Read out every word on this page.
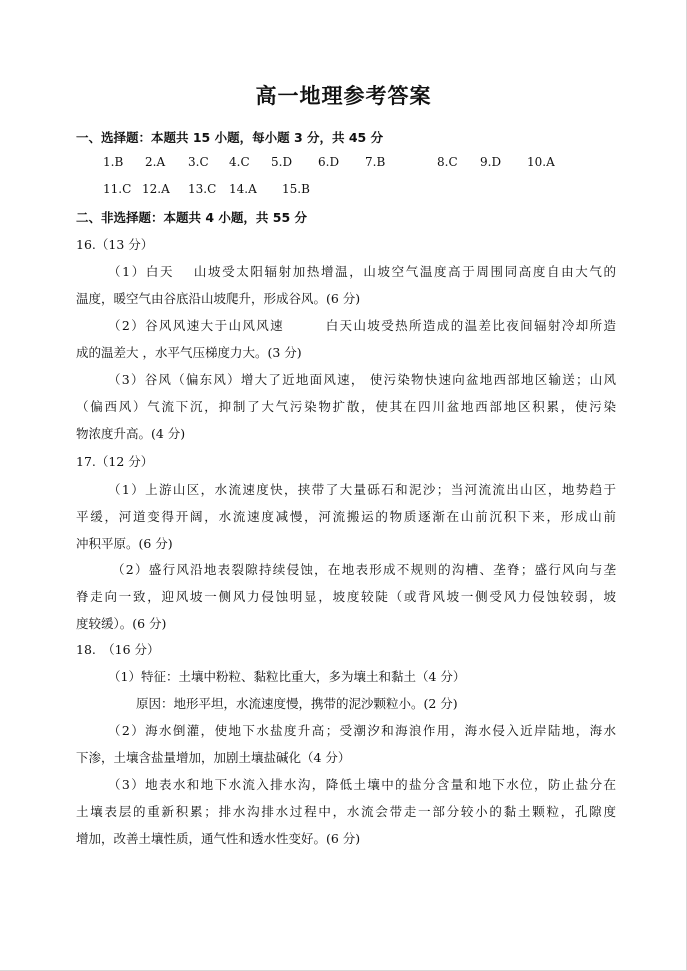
高一地理参考答案
一、选择题：本题共 15 小题，每小题 3 分，共 45 分
1.B 2.A 3.C 4.C 5.D 6.D 7.B	8.C 9.D 10.A
11.C 12.A 13.C 14.A 15.B
二、非选择题：本题共 4 小题，共 55 分
16.（13 分）
（1）白天　 山坡受太阳辐射加热增温，山坡空气温度高于周围同高度自由大气的
温度，暖空气由谷底沿山坡爬升，形成谷风。(6 分)
（2）谷风风速大于山风风速　　　白天山坡受热所造成的温差比夜间辐射冷却所造
成的温差大 ，水平气压梯度力大。(3 分)
（3）谷风（偏东风）增大了近地面风速， 使污染物快速向盆地西部地区输送；山风
（偏西风）气流下沉，抑制了大气污染物扩散，使其在四川盆地西部地区积累，使污染
物浓度升高。(4 分)
17.（12 分）
（1）上游山区，水流速度快，挟带了大量砾石和泥沙；当河流流出山区，地势趋于
平缓，河道变得开阔，水流速度减慢，河流搬运的物质逐渐在山前沉积下来，形成山前
冲积平原。(6 分)
（2）盛行风沿地表裂隙持续侵蚀，在地表形成不规则的沟槽、垄脊；盛行风向与垄
脊走向一致，迎风坡一侧风力侵蚀明显，坡度较陡（或背风坡一侧受风力侵蚀较弱，坡
度较缓）。(6 分)
18.　（16 分）
（1）特征：土壤中粉粒、黏粒比重大，多为壤土和黏土（4 分）
原因：地形平坦，水流速度慢，携带的泥沙颗粒小。(2 分)
（2）海水倒灌，使地下水盐度升高；受潮汐和海浪作用，海水侵入近岸陆地，海水
下渗，土壤含盐量增加，加剧土壤盐碱化（4 分）
（3）地表水和地下水流入排水沟，降低土壤中的盐分含量和地下水位，防止盐分在
土壤表层的重新积累；排水沟排水过程中，水流会带走一部分较小的黏土颗粒，孔隙度
增加，改善土壤性质，通气性和透水性变好。(6 分)
